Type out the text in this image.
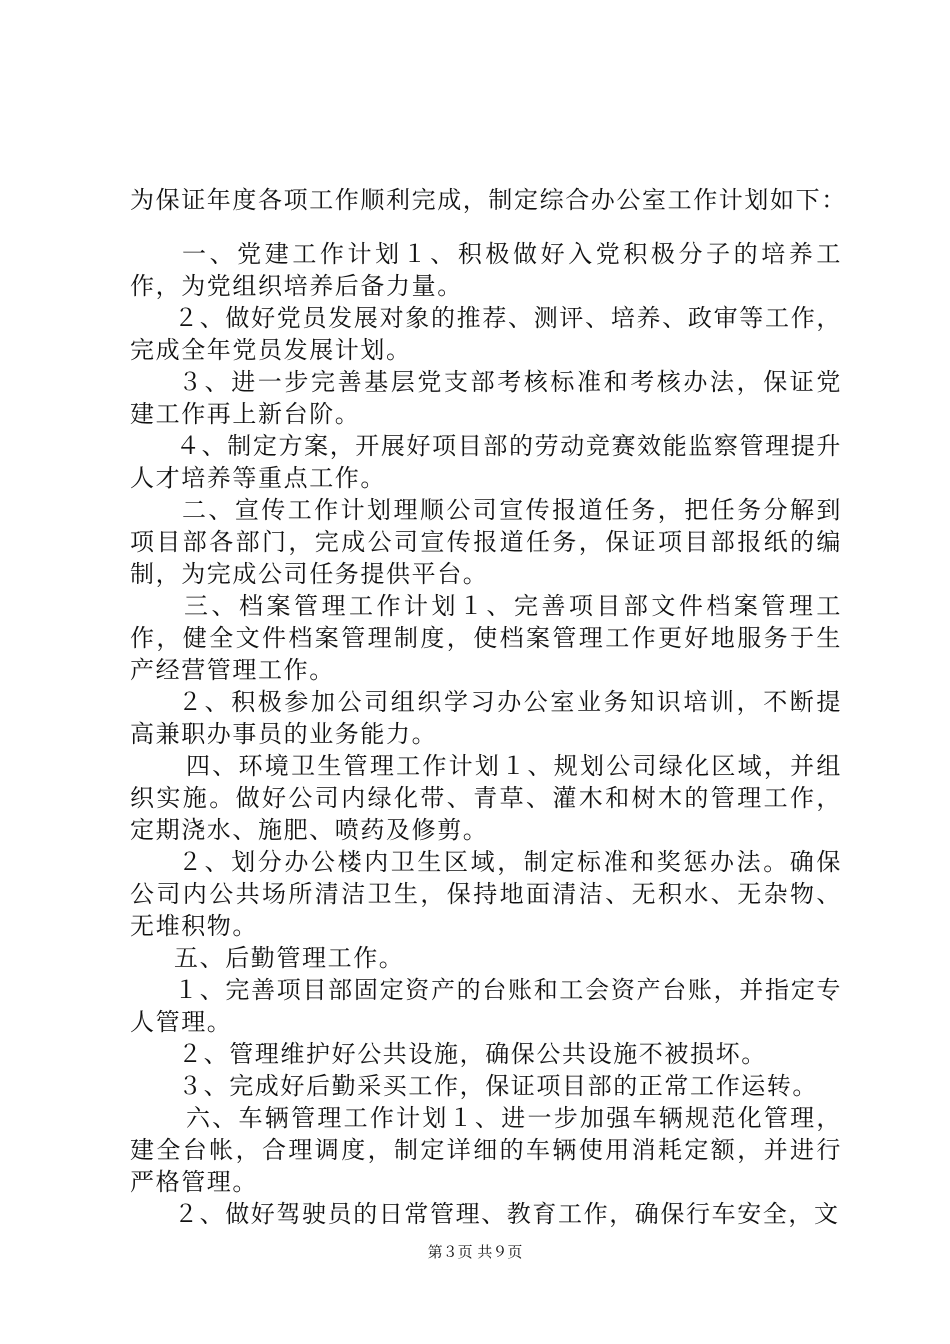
为保证年度各项工作顺利完成，制定综合办公室工作计划如下：

一、党建工作计划１、积极做好入党积极分子的培养工作，为党组织培养后备力量。

２、做好党员发展对象的推荐、测评、培养、政审等工作，完成全年党员发展计划。

３、进一步完善基层党支部考核标准和考核办法，保证党建工作再上新台阶。

４、制定方案，开展好项目部的劳动竞赛效能监察管理提升人才培养等重点工作。

二、宣传工作计划理顺公司宣传报道任务，把任务分解到项目部各部门，完成公司宣传报道任务，保证项目部报纸的编制，为完成公司任务提供平台。

三、档案管理工作计划１、完善项目部文件档案管理工作，健全文件档案管理制度，使档案管理工作更好地服务于生产经营管理工作。

２、积极参加公司组织学习办公室业务知识培训，不断提高兼职办事员的业务能力。

四、环境卫生管理工作计划１、规划公司绿化区域，并组织实施。做好公司内绿化带、青草、灌木和树木的管理工作，定期浇水、施肥、喷药及修剪。

２、划分办公楼内卫生区域，制定标准和奖惩办法。确保公司内公共场所清洁卫生，保持地面清洁、无积水、无杂物、无堆积物。

五、后勤管理工作。

１、完善项目部固定资产的台账和工会资产台账，并指定专人管理。

２、管理维护好公共设施，确保公共设施不被损坏。

３、完成好后勤采买工作，保证项目部的正常工作运转。

六、车辆管理工作计划１、进一步加强车辆规范化管理，建全台帐，合理调度，制定详细的车辆使用消耗定额，并进行严格管理。

２、做好驾驶员的日常管理、教育工作，确保行车安全，文

第３页 共９页
